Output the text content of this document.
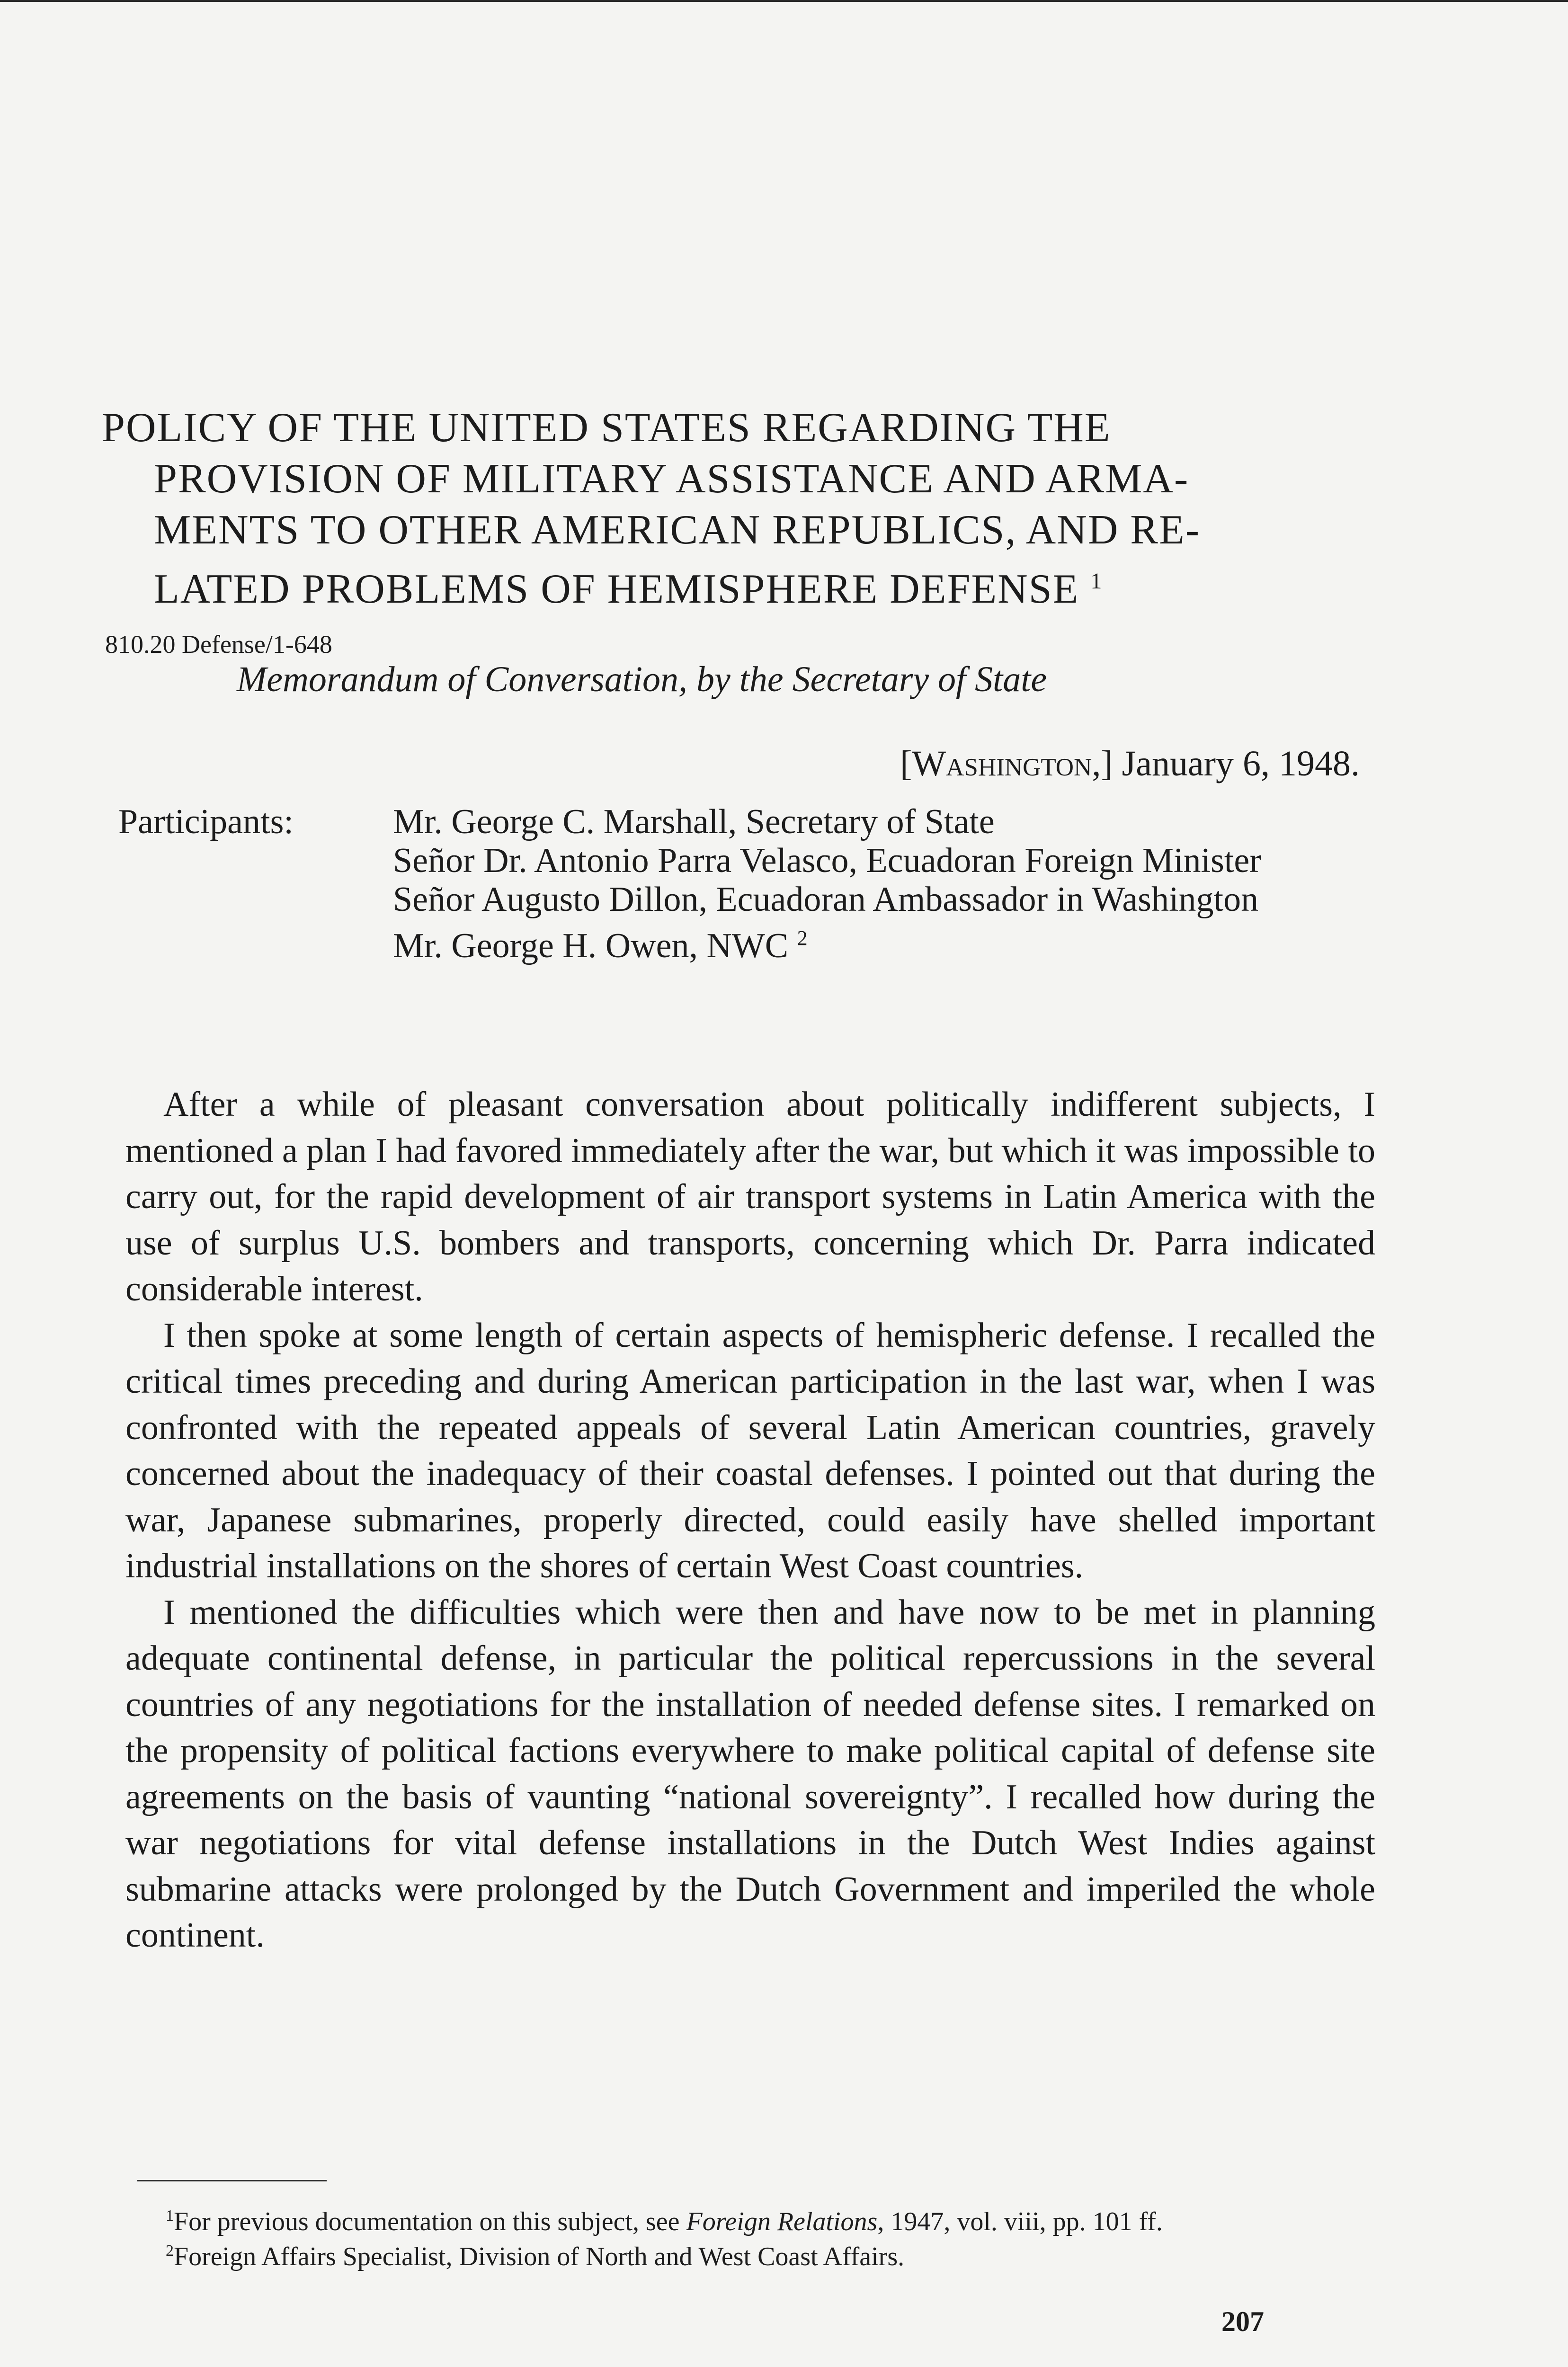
POLICY OF THE UNITED STATES REGARDING THE
PROVISION OF MILITARY ASSISTANCE AND ARMA-
MENTS TO OTHER AMERICAN REPUBLICS, AND RE-
LATED PROBLEMS OF HEMISPHERE DEFENSE $^1$
810.20 Defense/1-648
Memorandum of Conversation, by the Secretary of State
[Washington,] January 6, 1948.
Participants:	Mr. George C. Marshall, Secretary of State
Señor Dr. Antonio Parra Velasco, Ecuadoran Foreign Minister
Señor Augusto Dillon, Ecuadoran Ambassador in Washington
Mr. George H. Owen, NWC $^2$

After a while of pleasant conversation about politically indifferent subjects, I mentioned a plan I had favored immediately after the war, but which it was impossible to carry out, for the rapid development of air transport systems in Latin America with the use of surplus U.S. bombers and transports, concerning which Dr. Parra indicated considerable interest.

I then spoke at some length of certain aspects of hemispheric defense. I recalled the critical times preceding and during American participation in the last war, when I was confronted with the repeated appeals of several Latin American countries, gravely concerned about the inadequacy of their coastal defenses. I pointed out that during the war, Japanese submarines, properly directed, could easily have shelled important industrial installations on the shores of certain West Coast countries.

I mentioned the difficulties which were then and have now to be met in planning adequate continental defense, in particular the political repercussions in the several countries of any negotiations for the installation of needed defense sites. I remarked on the propensity of political factions everywhere to make political capital of defense site agreements on the basis of vaunting “national sovereignty”. I recalled how during the war negotiations for vital defense installations in the Dutch West Indies against submarine attacks were prolonged by the Dutch Government and imperiled the whole continent.

$^1$For previous documentation on this subject, see Foreign Relations, 1947, vol. viii, pp. 101 ff.

$^2$Foreign Affairs Specialist, Division of North and West Coast Affairs.

207
